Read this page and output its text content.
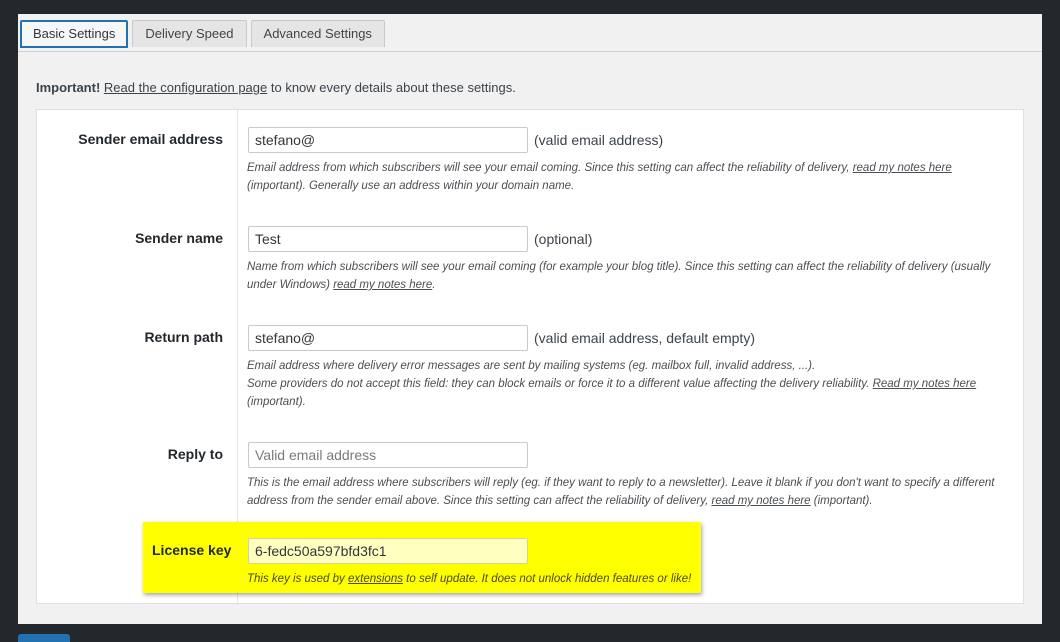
Basic Settings	Delivery Speed	Advanced Settings
Important! Read the configuration page to know every details about these settings.
Sender email address
stefano@	(valid email address)
Email address from which subscribers will see your email coming. Since this setting can affect the reliability of delivery, read my notes here
(important). Generally use an address within your domain name.
Sender name
Test	(optional)
Name from which subscribers will see your email coming (for example your blog title). Since this setting can affect the reliability of delivery (usually under Windows) read my notes here.
Return path
stefano@	(valid email address, default empty)
Email address where delivery error messages are sent by mailing systems (eg. mailbox full, invalid address, ...).
Some providers do not accept this field: they can block emails or force it to a different value affecting the delivery reliability. Read my notes here
(important).
Reply to
Valid email address
This is the email address where subscribers will reply (eg. if they want to reply to a newsletter). Leave it blank if you don't want to specify a different address from the sender email above. Since this setting can affect the reliability of delivery, read my notes here (important).
License key
6-fedc50a597bfd3fc1
This key is used by extensions to self update. It does not unlock hidden features or like!
